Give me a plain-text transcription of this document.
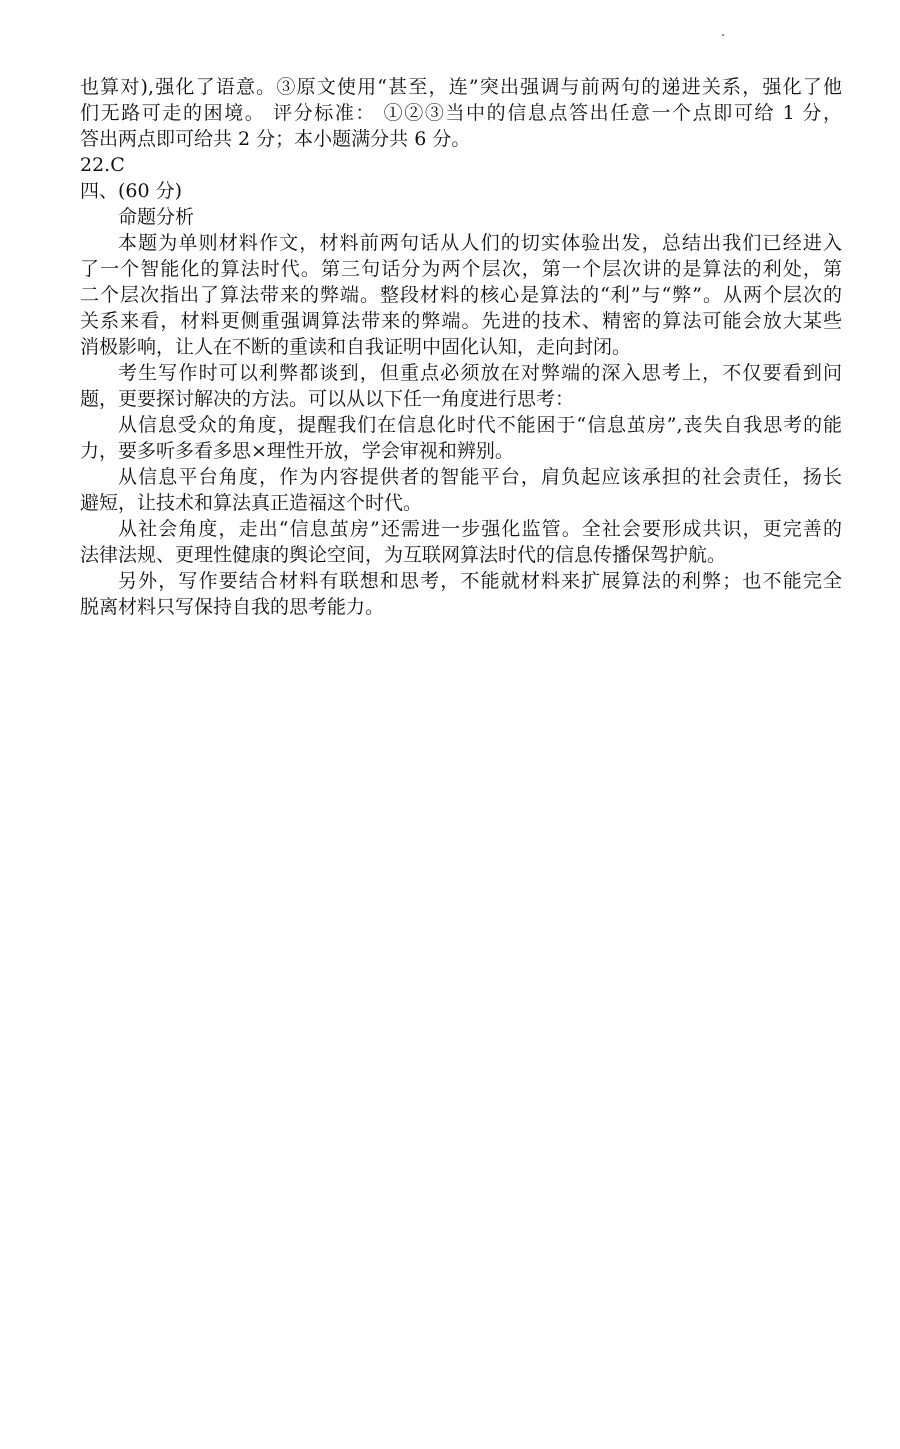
也算对),强化了语意。③原文使用“甚至，连”突出强调与前两句的递进关系，强化了他

们无路可走的困境。 评分标准： ①②③当中的信息点答出任意一个点即可给 1 分，

答出两点即可给共 2 分；本小题满分共 6 分。

22.C

四、(60 分)

命题分析

本题为单则材料作文，材料前两句话从人们的切实体验出发，总结出我们已经进入

了一个智能化的算法时代。第三句话分为两个层次，第一个层次讲的是算法的利处，第

二个层次指出了算法带来的弊端。整段材料的核心是算法的“利”与“弊”。从两个层次的

关系来看，材料更侧重强调算法带来的弊端。先进的技术、精密的算法可能会放大某些

消极影响，让人在不断的重读和自我证明中固化认知，走向封闭。

考生写作时可以利弊都谈到，但重点必须放在对弊端的深入思考上，不仅要看到问

题，更要探讨解决的方法。可以从以下任一角度进行思考：

从信息受众的角度，提醒我们在信息化时代不能困于“信息茧房”,丧失自我思考的能

力，要多听多看多思×理性开放，学会审视和辨别。

从信息平台角度，作为内容提供者的智能平台，肩负起应该承担的社会责任，扬长

避短，让技术和算法真正造福这个时代。

从社会角度，走出“信息茧房”还需进一步强化监管。全社会要形成共识，更完善的

法律法规、更理性健康的舆论空间，为互联网算法时代的信息传播保驾护航。

另外，写作要结合材料有联想和思考，不能就材料来扩展算法的利弊；也不能完全

脱离材料只写保持自我的思考能力。
